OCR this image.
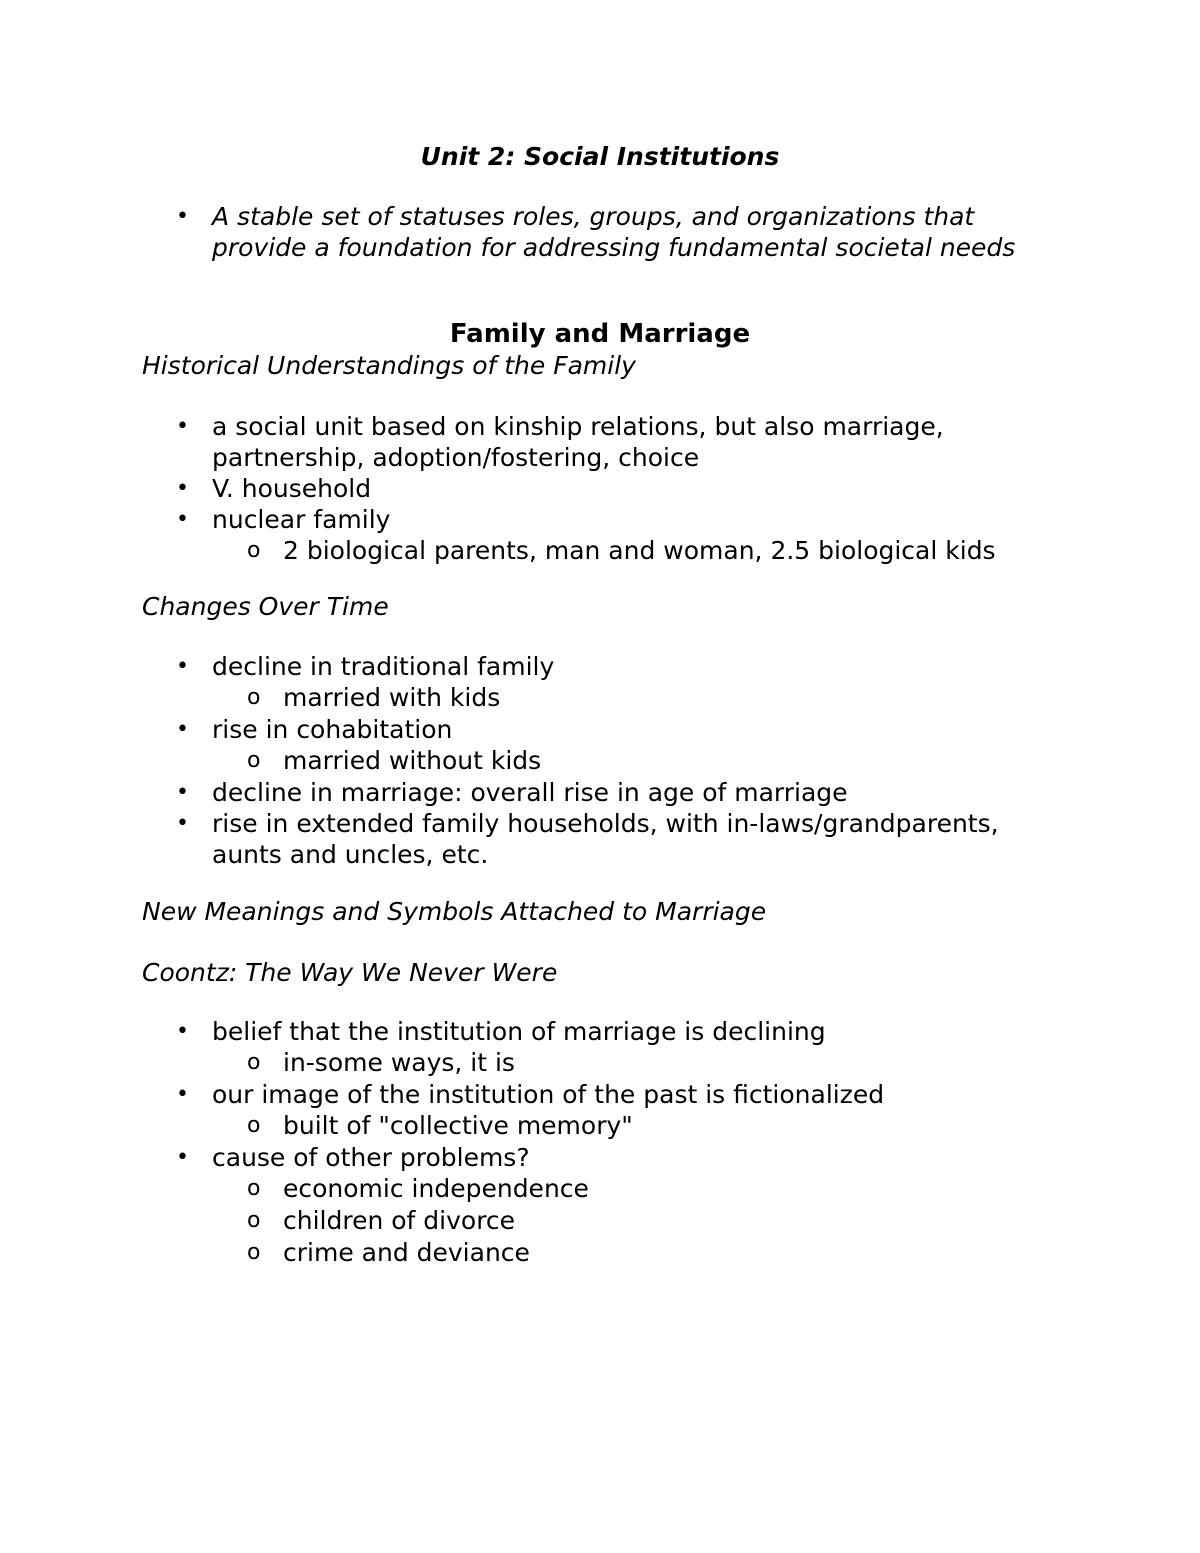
Unit 2: Social Institutions
• A stable set of statuses roles, groups, and organizations that provide a foundation for addressing fundamental societal needs
Family and Marriage
Historical Understandings of the Family
• a social unit based on kinship relations, but also marriage, partnership, adoption/fostering, choice
• V. household
• nuclear family
o 2 biological parents, man and woman, 2.5 biological kids
Changes Over Time
• decline in traditional family
o married with kids
• rise in cohabitation
o married without kids
• decline in marriage: overall rise in age of marriage
• rise in extended family households, with in-laws/grandparents, aunts and uncles, etc.
New Meanings and Symbols Attached to Marriage
Coontz: The Way We Never Were
• belief that the institution of marriage is declining
o in-some ways, it is
• our image of the institution of the past is fictionalized
o built of "collective memory"
• cause of other problems?
o economic independence
o children of divorce
o crime and deviance
